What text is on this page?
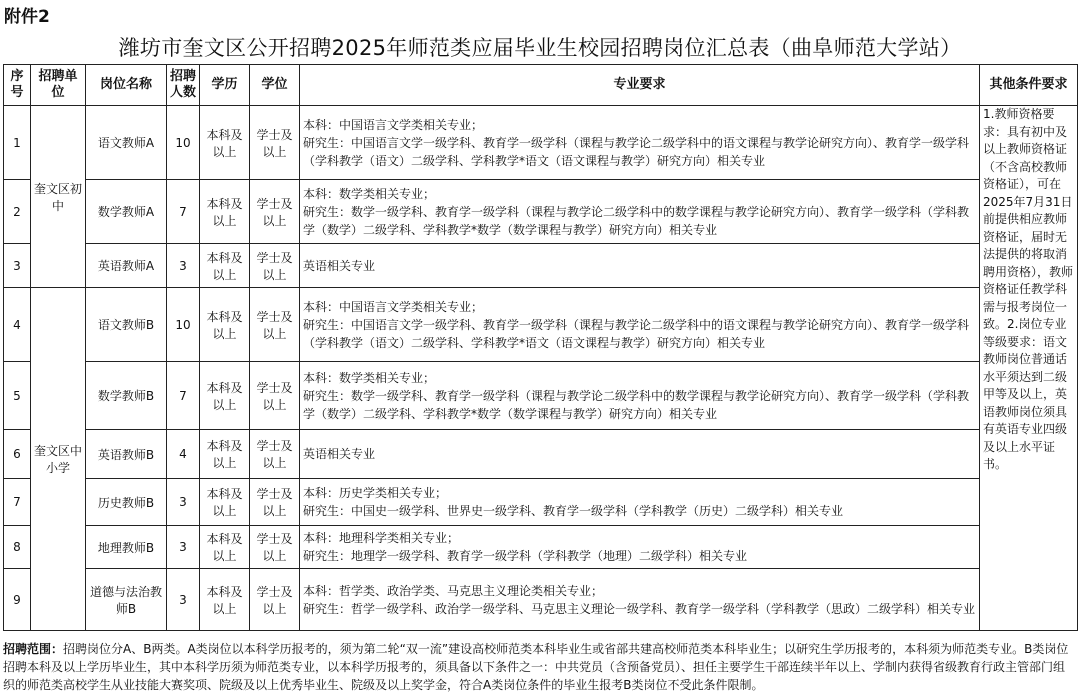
附件2
潍坊市奎文区公开招聘2025年师范类应届毕业生校园招聘岗位汇总表（曲阜师范大学站）
序号	招聘单位	岗位名称	招聘人数	学历	学位	专业要求	其他条件要求
1	奎文区初中	语文教师A	10	本科及以上	学士及以上	本科：中国语言文学类相关专业；
研究生：中国语言文学一级学科、教育学一级学科（课程与教学论二级学科中的语文课程与教学论研究方向）、教育学一级学科（学科教学（语文）二级学科、学科教学*语文（语文课程与教学）研究方向）相关专业	1.教师资格要求：具有初中及以上教师资格证（不含高校教师资格证），可在2025年7月31日前提供相应教师资格证，届时无法提供的将取消聘用资格），教师资格证任教学科需与报考岗位一致。2.岗位专业等级要求：语文教师岗位普通话水平须达到二级甲等及以上，英语教师岗位须具有英语专业四级及以上水平证书。
2		数学教师A	7	本科及以上	学士及以上	本科：数学类相关专业；
研究生：数学一级学科、教育学一级学科（课程与教学论二级学科中的数学课程与教学论研究方向）、教育学一级学科（学科教学（数学）二级学科、学科教学*数学（数学课程与教学）研究方向）相关专业	

3		英语教师A	3	本科及以上	学士及以上	英语相关专业	

4	奎文区中小学	语文教师B	10	本科及以上	学士及以上	本科：中国语言文学类相关专业；
研究生：中国语言文学一级学科、教育学一级学科（课程与教学论二级学科中的语文课程与教学论研究方向）、教育学一级学科（学科教学（语文）二级学科、学科教学*语文（语文课程与教学）研究方向）相关专业	

5		数学教师B	7	本科及以上	学士及以上	本科：数学类相关专业；
研究生：数学一级学科、教育学一级学科（课程与教学论二级学科中的数学课程与教学论研究方向）、教育学一级学科（学科教学（数学）二级学科、学科教学*数学（数学课程与教学）研究方向）相关专业	

6		英语教师B	4	本科及以上	学士及以上	英语相关专业	

7		历史教师B	3	本科及以上	学士及以上	本科：历史学类相关专业；
研究生：中国史一级学科、世界史一级学科、教育学一级学科（学科教学（历史）二级学科）相关专业	

8		地理教师B	3	本科及以上	学士及以上	本科：地理科学类相关专业；
研究生：地理学一级学科、教育学一级学科（学科教学（地理）二级学科）相关专业	

9		道德与法治教师B	3	本科及以上	学士及以上	本科：哲学类、政治学类、马克思主义理论类相关专业；
研究生：哲学一级学科、政治学一级学科、马克思主义理论一级学科、教育学一级学科（学科教学（思政）二级学科）相关专业	
招聘范围：招聘岗位分A、B两类。A类岗位以本科学历报考的，须为第二轮“双一流”建设高校师范类本科毕业生或省部共建高校师范类本科毕业生；以研究生学历报考的，本科须为师范类专业。B类岗位招聘本科及以上学历毕业生，其中本科学历须为师范类专业，以本科学历报考的，须具备以下条件之一：中共党员（含预备党员）、担任主要学生干部连续半年以上、学制内获得省级教育行政主管部门组织的师范类高校学生从业技能大赛奖项、院级及以上优秀毕业生、院级及以上奖学金，符合A类岗位条件的毕业生报考B类岗位不受此条件限制。
